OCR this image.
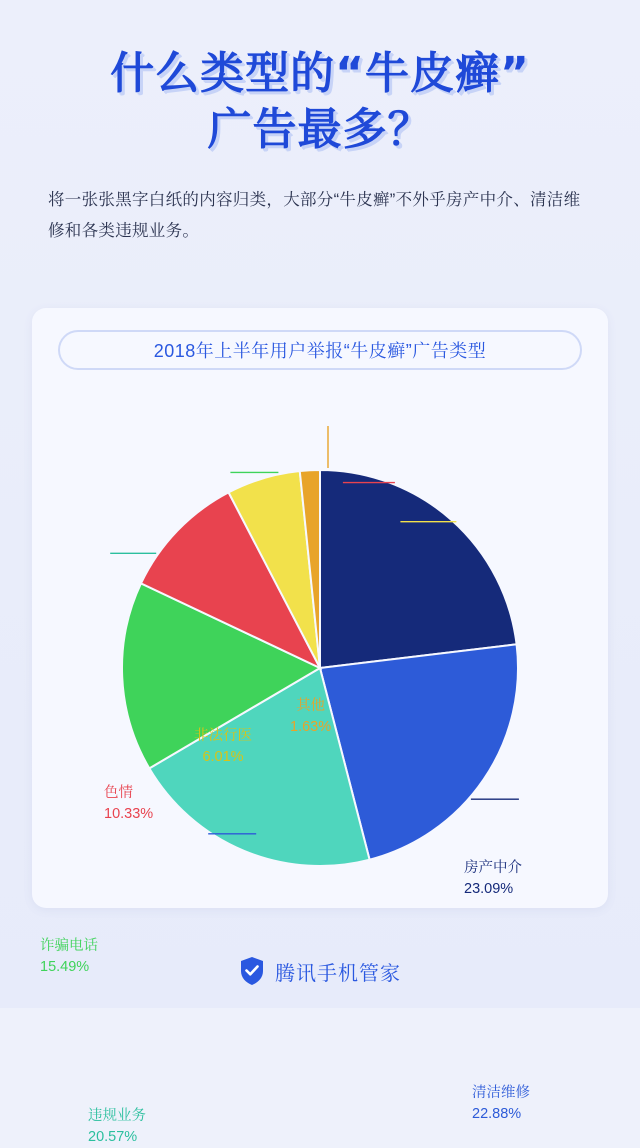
什么类型的“牛皮癣”
广告最多？
将一张张黑字白纸的内容归类，大部分“牛皮癣”不外乎房产中介、清洁维修和各类违规业务。
2018年上半年用户举报“牛皮癣”广告类型
房产中介
23.09%
清洁维修
22.88%
违规业务
20.57%
诈骗电话
15.49%
色情
10.33%
非法行医
6.01%
其他
1.63%
腾讯手机管家
